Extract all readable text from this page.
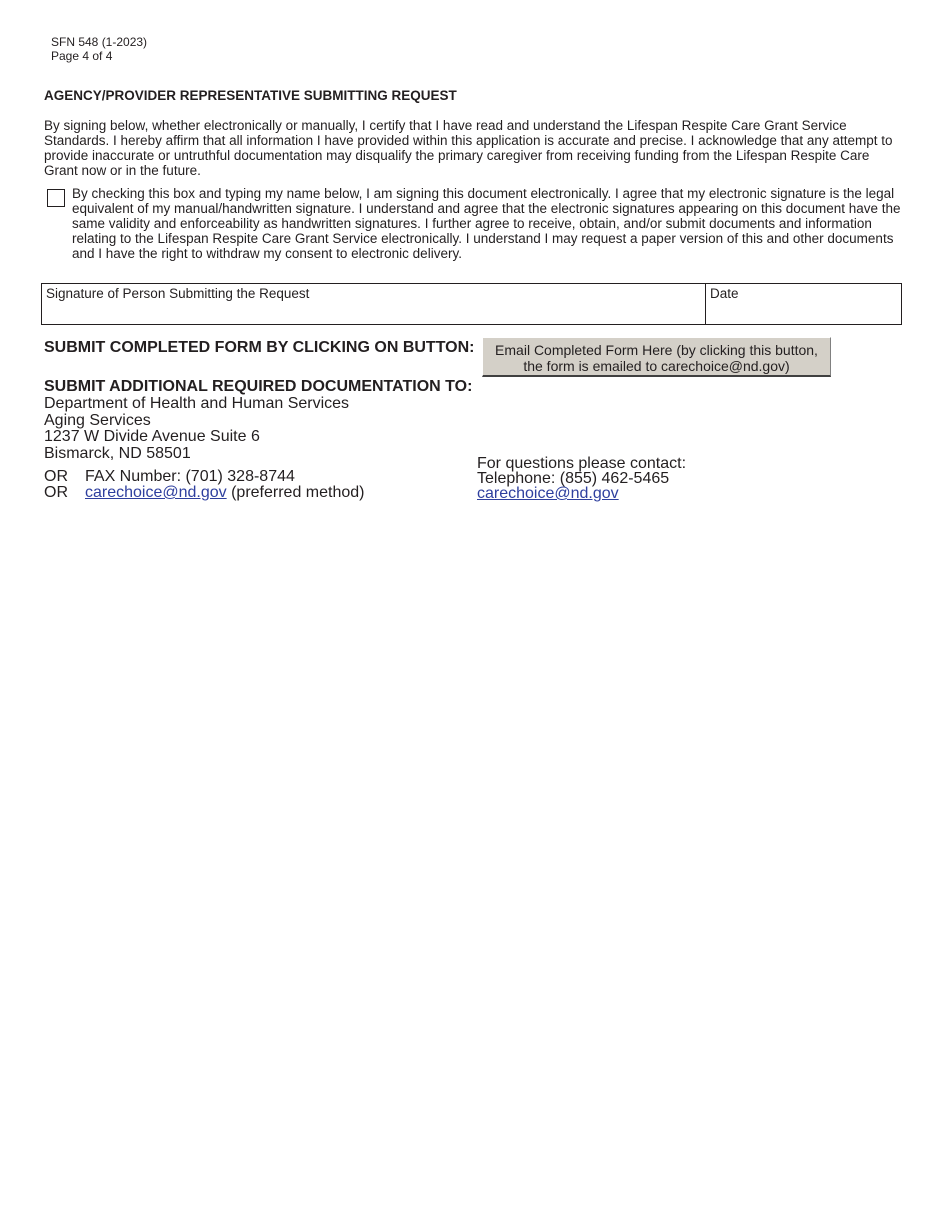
SFN 548 (1-2023)
Page 4 of 4
AGENCY/PROVIDER REPRESENTATIVE SUBMITTING REQUEST

By signing below, whether electronically or manually, I certify that I have read and understand the Lifespan Respite Care Grant Service Standards. I hereby affirm that all information I have provided within this application is accurate and precise. I acknowledge that any attempt to provide inaccurate or untruthful documentation may disqualify the primary caregiver from receiving funding from the Lifespan Respite Care Grant now or in the future.

By checking this box and typing my name below, I am signing this document electronically. I agree that my electronic signature is the legal equivalent of my manual/handwritten signature. I understand and agree that the electronic signatures appearing on this document have the same validity and enforceability as handwritten signatures. I further agree to receive, obtain, and/or submit documents and information relating to the Lifespan Respite Care Grant Service electronically. I understand I may request a paper version of this and other documents and I have the right to withdraw my consent to electronic delivery.

Signature of Person Submitting the Request	Date
SUBMIT COMPLETED FORM BY CLICKING ON BUTTON:	Email Completed Form Here (by clicking this button,
the form is emailed to carechoice@nd.gov)
SUBMIT ADDITIONAL REQUIRED DOCUMENTATION TO:
Department of Health and Human Services
Aging Services
1237 W Divide Avenue Suite 6
Bismarck, ND 58501
OR FAX Number: (701) 328-8744
OR carechoice@nd.gov (preferred method)
For questions please contact:
Telephone: (855) 462-5465
carechoice@nd.gov
